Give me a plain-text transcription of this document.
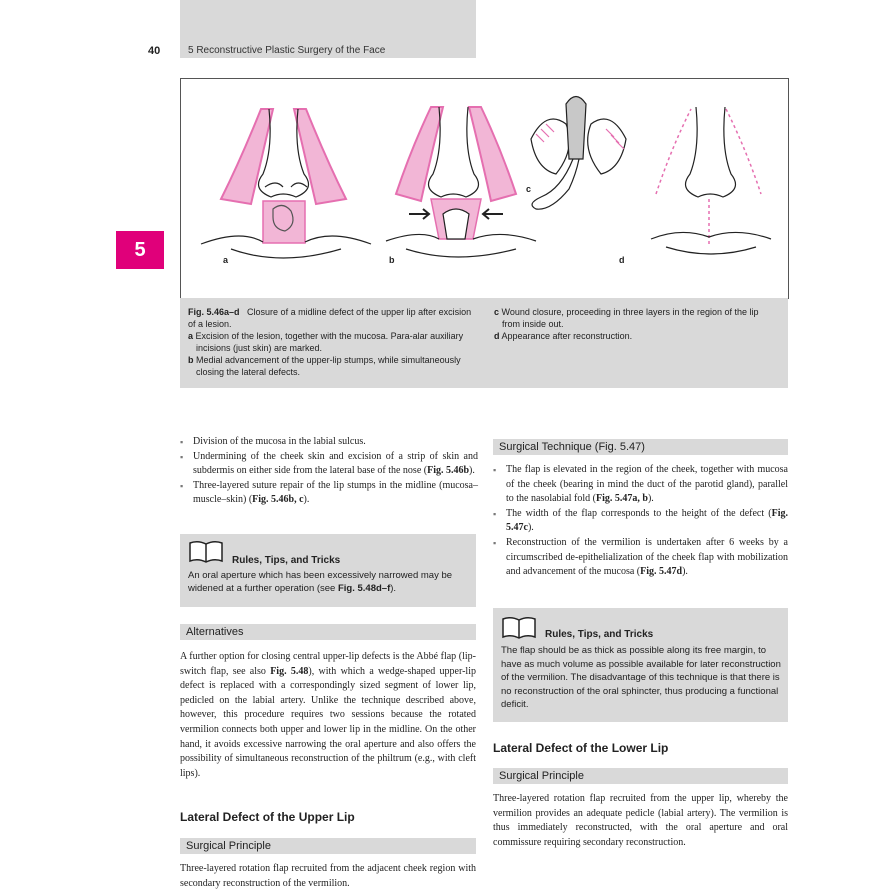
40	5 Reconstructive Plastic Surgery of the Face
5	a	b
c
d
Fig. 5.46a–d Closure of a midline defect of the upper lip after excision of a lesion.
a Excision of the lesion, together with the mucosa. Para-alar auxiliary incisions (just skin) are marked.
b Medial advancement of the upper-lip stumps, while simultaneously closing the lateral defects.
c Wound closure, proceeding in three layers in the region of the lip from inside out.
d Appearance after reconstruction.
▪ Division of the mucosa in the labial sulcus.
▪ Undermining of the cheek skin and excision of a strip of skin and subdermis on either side from the lateral base of the nose (Fig. 5.46b).
▪ Three-layered suture repair of the lip stumps in the midline (mucosa–muscle–skin) (Fig. 5.46b, c).
Rules, Tips, and Tricks
An oral aperture which has been excessively narrowed may be widened at a further operation (see Fig. 5.48d–f).
Alternatives
A further option for closing central upper-lip defects is the Abbé flap (lip-switch flap, see also Fig. 5.48), with which a wedge-shaped upper-lip defect is replaced with a correspondingly sized segment of lower lip, pedicled on the labial artery. Unlike the technique described above, however, this procedure requires two sessions because the rotated vermilion connects both upper and lower lip in the midline. On the other hand, it avoids excessive narrowing the oral aperture and also offers the possibility of simultaneous reconstruction of the philtrum (e.g., with cleft lips).
Lateral Defect of the Upper Lip
Surgical Principle
Three-layered rotation flap recruited from the adjacent cheek region with secondary reconstruction of the vermilion.
Surgical Technique (Fig. 5.47)
▪ The flap is elevated in the region of the cheek, together with mucosa of the cheek (bearing in mind the duct of the parotid gland), parallel to the nasolabial fold (Fig. 5.47a, b).
▪ The width of the flap corresponds to the height of the defect (Fig. 5.47c).
▪ Reconstruction of the vermilion is undertaken after 6 weeks by a circumscribed de-epithelialization of the cheek flap with mobilization and advancement of the mucosa (Fig. 5.47d).
Rules, Tips, and Tricks
The flap should be as thick as possible along its free margin, to have as much volume as possible available for later reconstruction of the vermilion. The disadvantage of this technique is that there is no reconstruction of the oral sphincter, thus producing a functional deficit.
Lateral Defect of the Lower Lip
Surgical Principle
Three-layered rotation flap recruited from the upper lip, whereby the vermilion provides an adequate pedicle (labial artery). The vermilion is thus immediately reconstructed, with the oral aperture and oral commissure requiring secondary reconstruction.
